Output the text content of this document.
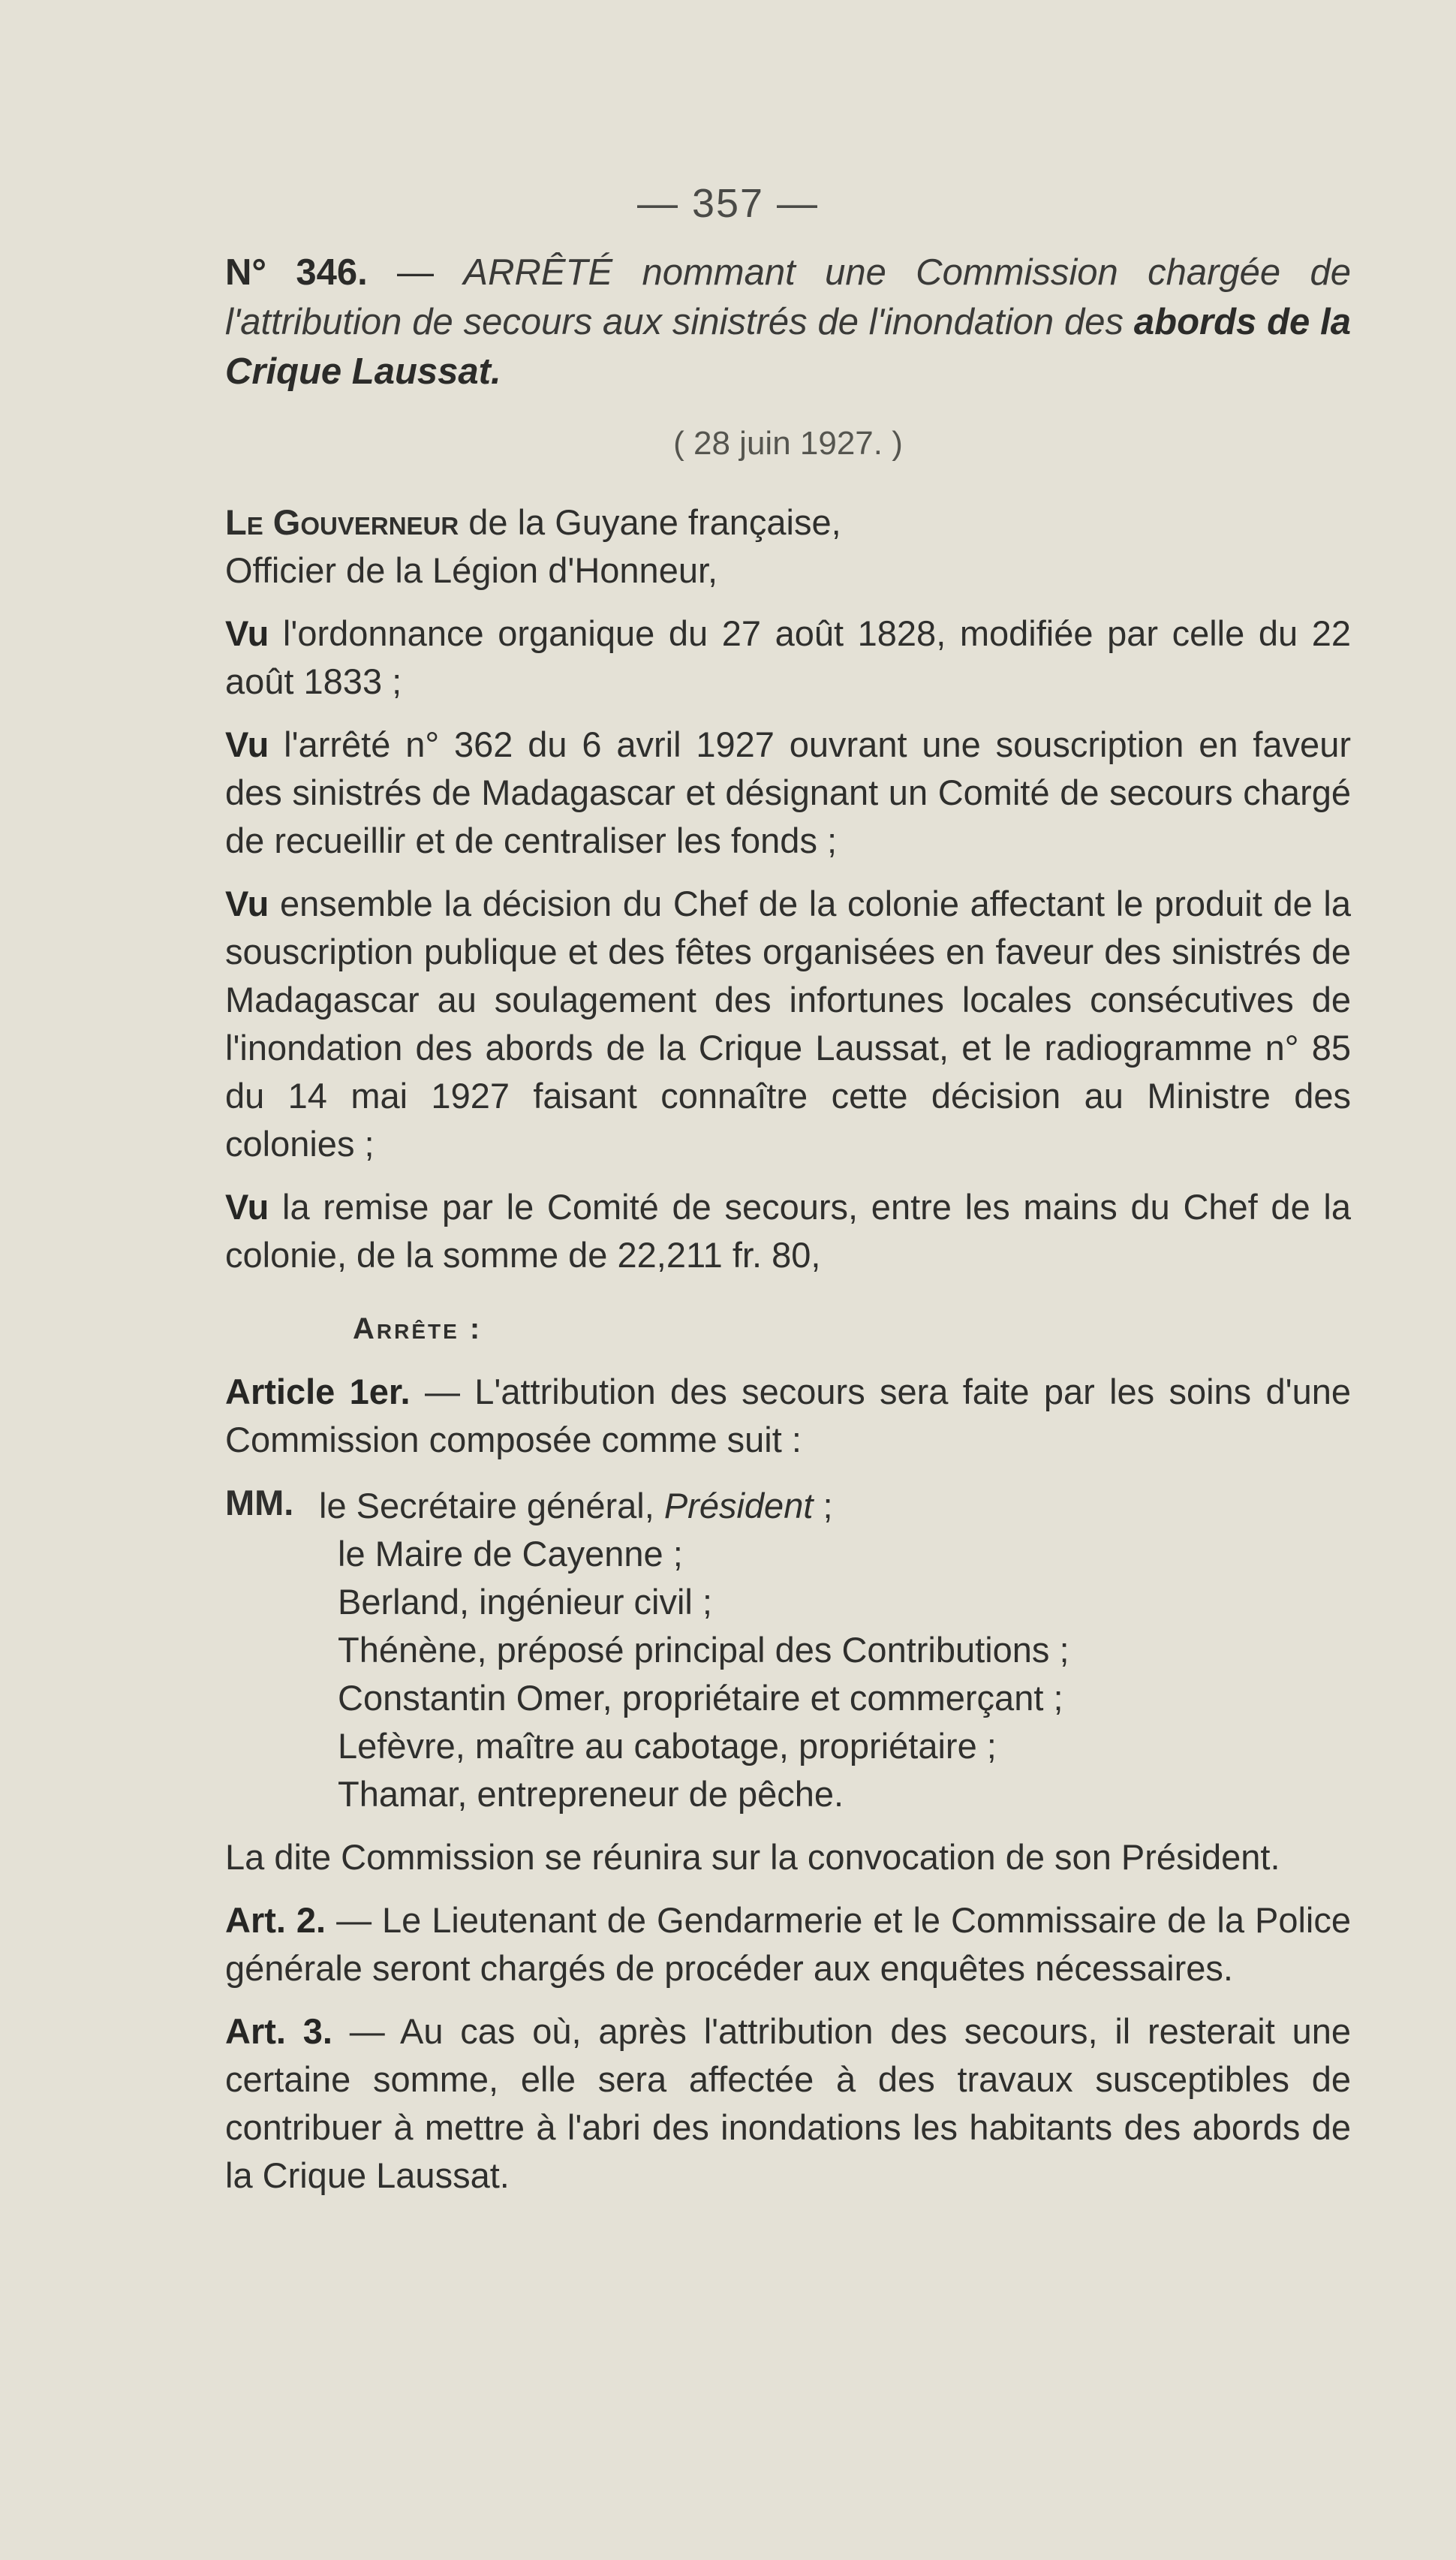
— 357 —

N° 346. — ARRÊTÉ nommant une Commission chargée de l'attribution de secours aux sinistrés de l'inondation des abords de la Crique Laussat.

( 28 juin 1927. )

Le Gouverneur de la Guyane française,

Officier de la Légion d'Honneur,

Vu l'ordonnance organique du 27 août 1828, modifiée par celle du 22 août 1833 ;

Vu l'arrêté n° 362 du 6 avril 1927 ouvrant une souscription en faveur des sinistrés de Madagascar et désignant un Comité de secours chargé de recueillir et de centraliser les fonds ;

Vu ensemble la décision du Chef de la colonie affectant le produit de la souscription publique et des fêtes organisées en faveur des sinistrés de Madagascar au soulagement des infortunes locales consécutives de l'inondation des abords de la Crique Laussat, et le radiogramme n° 85 du 14 mai 1927 faisant connaître cette décision au Ministre des colonies ;

Vu la remise par le Comité de secours, entre les mains du Chef de la colonie, de la somme de 22,211 fr. 80,

Arrête :

Article 1er. — L'attribution des secours sera faite par les soins d'une Commission composée comme suit :

MM. le Secrétaire général, Président ;
le Maire de Cayenne ;
Berland, ingénieur civil ;
Thénène, préposé principal des Contributions ;
Constantin Omer, propriétaire et commerçant ;
Lefèvre, maître au cabotage, propriétaire ;
Thamar, entrepreneur de pêche.

La dite Commission se réunira sur la convocation de son Président.

Art. 2. — Le Lieutenant de Gendarmerie et le Commissaire de la Police générale seront chargés de procéder aux enquêtes nécessaires.

Art. 3. — Au cas où, après l'attribution des secours, il resterait une certaine somme, elle sera affectée à des travaux susceptibles de contribuer à mettre à l'abri des inondations les habitants des abords de la Crique Laussat.
